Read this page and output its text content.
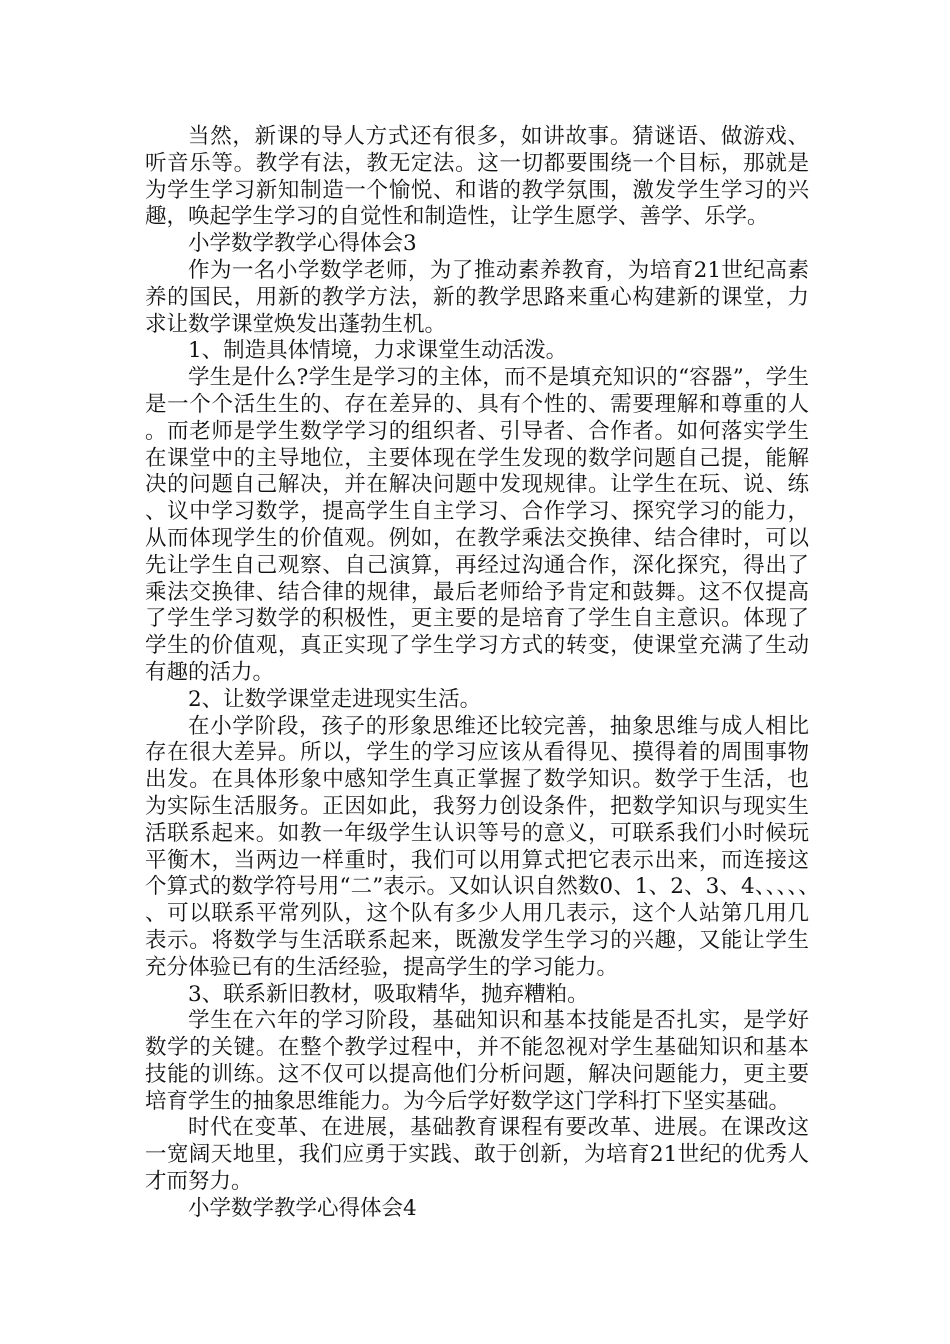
当然，新课的导人方式还有很多，如讲故事。猜谜语、做游戏、听音乐等。教学有法，教无定法。这一切都要围绕一个目标，那就是为学生学习新知制造一个愉悦、和谐的教学氛围，激发学生学习的兴趣，唤起学生学习的自觉性和制造性，让学生愿学、善学、乐学。

小学数学教学心得体会3

作为一名小学数学老师，为了推动素养教育，为培育21世纪高素养的国民，用新的教学方法，新的教学思路来重心构建新的课堂，力求让数学课堂焕发出蓬勃生机。

1、制造具体情境，力求课堂生动活泼。

学生是什么?学生是学习的主体，而不是填充知识的“容器”，学生是一个个活生生的、存在差异的、具有个性的、需要理解和尊重的人。而老师是学生数学学习的组织者、引导者、合作者。如何落实学生在课堂中的主导地位，主要体现在学生发现的数学问题自己提，能解决的问题自己解决，并在解决问题中发现规律。让学生在玩、说、练、议中学习数学，提高学生自主学习、合作学习、探究学习的能力，从而体现学生的价值观。例如，在教学乘法交换律、结合律时，可以先让学生自己观察、自己演算，再经过沟通合作，深化探究，得出了乘法交换律、结合律的规律，最后老师给予肯定和鼓舞。这不仅提高了学生学习数学的积极性，更主要的是培育了学生自主意识。体现了学生的价值观，真正实现了学生学习方式的转变，使课堂充满了生动有趣的活力。

2、让数学课堂走进现实生活。

在小学阶段，孩子的形象思维还比较完善，抽象思维与成人相比存在很大差异。所以，学生的学习应该从看得见、摸得着的周围事物出发。在具体形象中感知学生真正掌握了数学知识。数学于生活，也为实际生活服务。正因如此，我努力创设条件，把数学知识与现实生活联系起来。如教一年级学生认识等号的意义，可联系我们小时候玩平衡木，当两边一样重时，我们可以用算式把它表示出来，而连接这个算式的数学符号用“二”表示。又如认识自然数0、1、2、3、4、、、、、、可以联系平常列队，这个队有多少人用几表示，这个人站第几用几表示。将数学与生活联系起来，既激发学生学习的兴趣，又能让学生充分体验已有的生活经验，提高学生的学习能力。

3、联系新旧教材，吸取精华，抛弃糟粕。

学生在六年的学习阶段，基础知识和基本技能是否扎实，是学好数学的关键。在整个教学过程中，并不能忽视对学生基础知识和基本技能的训练。这不仅可以提高他们分析问题，解决问题能力，更主要培育学生的抽象思维能力。为今后学好数学这门学科打下坚实基础。

时代在变革、在进展，基础教育课程有要改革、进展。在课改这一宽阔天地里，我们应勇于实践、敢于创新，为培育21世纪的优秀人才而努力。

小学数学教学心得体会4
